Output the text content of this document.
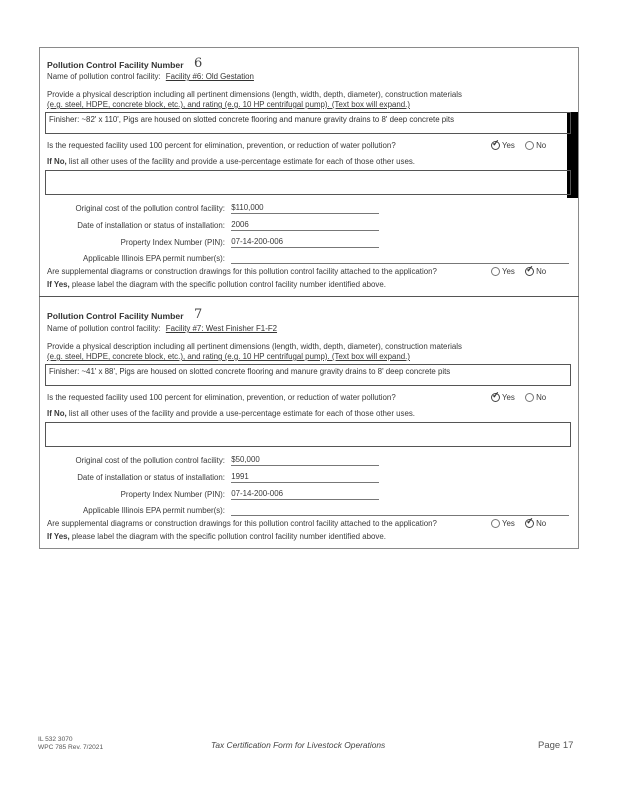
Pollution Control Facility Number 6
Name of pollution control facility: Facility #6: Old Gestation
Provide a physical description including all pertinent dimensions (length, width, depth, diameter), construction materials
(e.g. steel, HDPE, concrete block, etc.), and rating (e.g. 10 HP centrifugal pump). (Text box will expand.)
Finisher: ~82' x 110', Pigs are housed on slotted concrete flooring and manure gravity drains to 8' deep concrete pits
Is the requested facility used 100 percent for elimination, prevention, or reduction of water pollution? ✓	Yes	No
If No, list all other uses of the facility and provide a use-percentage estimate for each of those other uses.
Original cost of the pollution control facility: $110,000
Date of installation or status of installation: 2006
Property Index Number (PIN): 07-14-200-006
Applicable Illinois EPA permit number(s):
Are supplemental diagrams or construction drawings for this pollution control facility attached to the application?	Yes ✓	No
If Yes, please label the diagram with the specific pollution control facility number identified above.
Pollution Control Facility Number 7
Name of pollution control facility: Facility #7: West Finisher F1-F2
Provide a physical description including all pertinent dimensions (length, width, depth, diameter), construction materials
(e.g. steel, HDPE, concrete block, etc.), and rating (e.g. 10 HP centrifugal pump). (Text box will expand.)
Finisher: ~41' x 88', Pigs are housed on slotted concrete flooring and manure gravity drains to 8' deep concrete pits
Is the requested facility used 100 percent for elimination, prevention, or reduction of water pollution? ✓	Yes	No
If No, list all other uses of the facility and provide a use-percentage estimate for each of those other uses.
Original cost of the pollution control facility: $50,000
Date of installation or status of installation: 1991
Property Index Number (PIN): 07-14-200-006
Applicable Illinois EPA permit number(s):
Are supplemental diagrams or construction drawings for this pollution control facility attached to the application?	Yes ✓	No
If Yes, please label the diagram with the specific pollution control facility number identified above.
IL 532 3070
WPC 785 Rev. 7/2021	Tax Certification Form for Livestock Operations	Page 17
